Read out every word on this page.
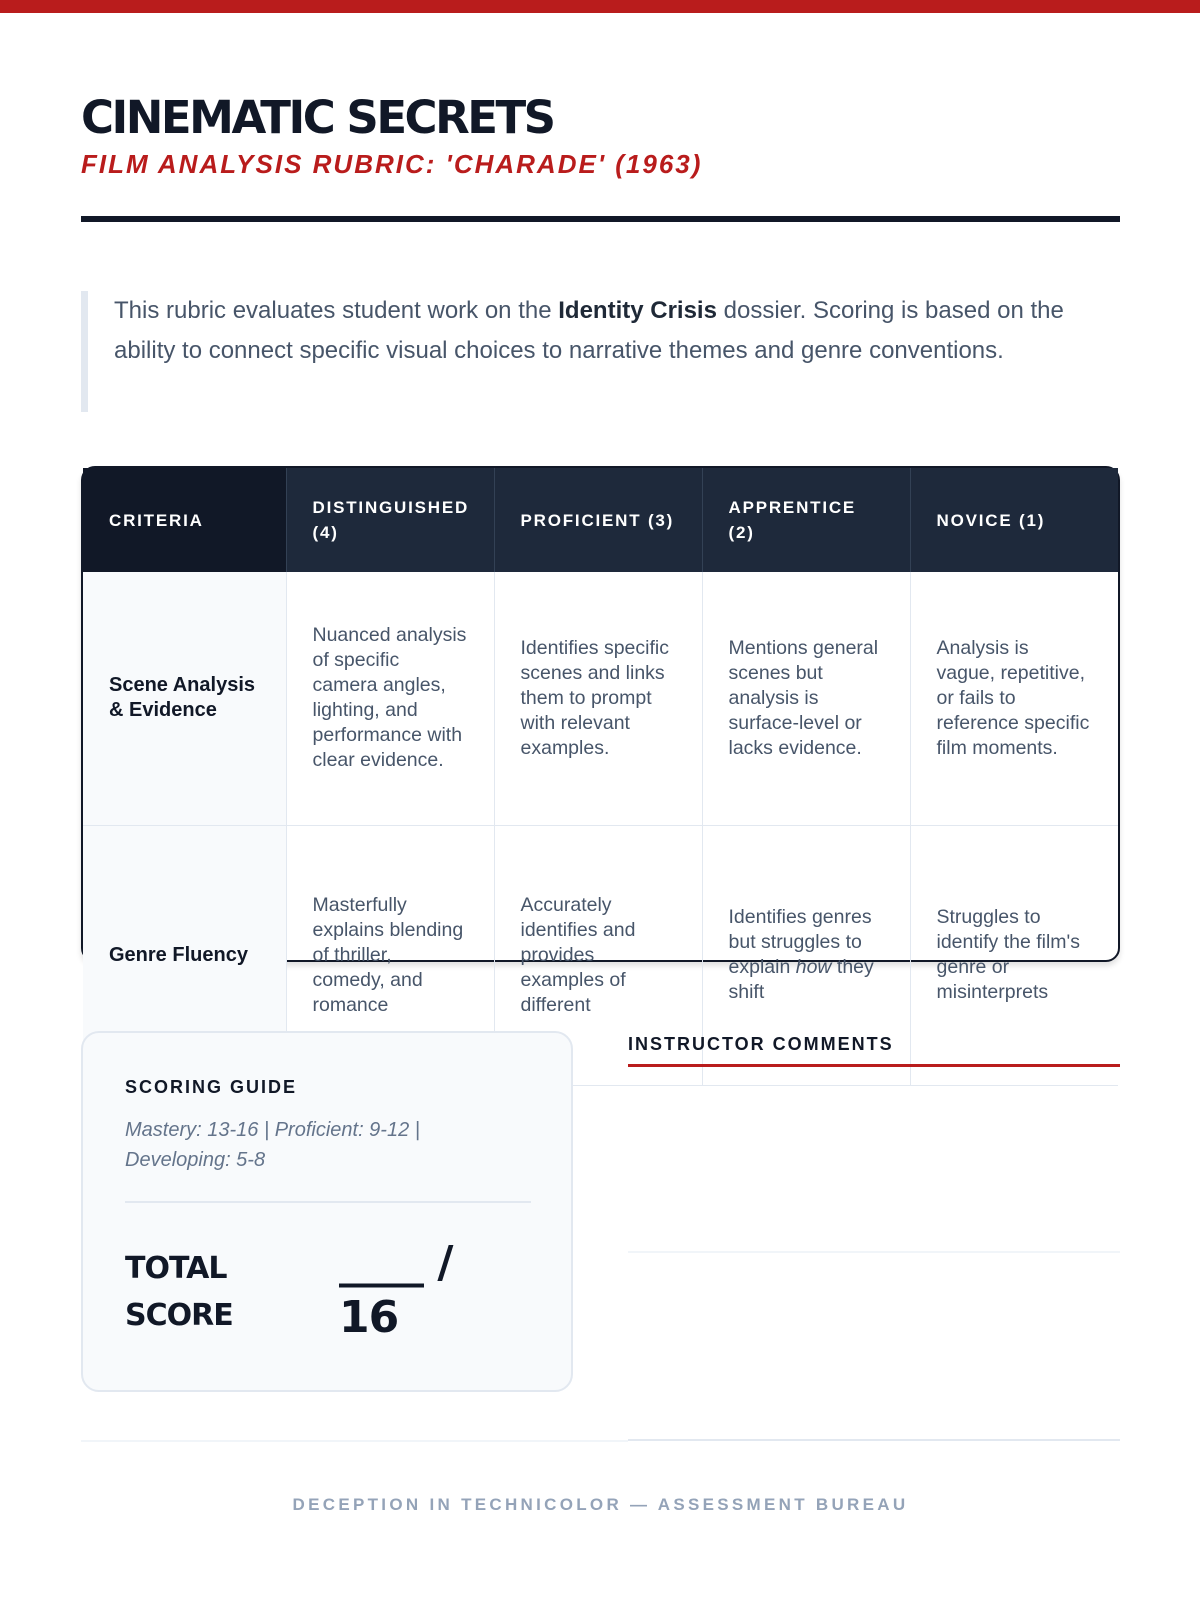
CINEMATIC SECRETS
FILM ANALYSIS RUBRIC: 'CHARADE' (1963)
This rubric evaluates student work on the Identity Crisis dossier. Scoring is based on the ability to connect specific visual choices to narrative themes and genre conventions.
CRITERIA	DISTINGUISHED (4)	PROFICIENT (3)	APPRENTICE (2)	NOVICE (1)
Scene Analysis & Evidence	Nuanced analysis of specific camera angles, lighting, and performance with clear evidence.	Identifies specific scenes and links them to prompt with relevant examples.	Mentions general scenes but analysis is surface-level or lacks evidence.	Analysis is vague, repetitive, or fails to reference specific film moments.
Genre Fluency	Masterfully explains blending of thriller, comedy, and romance	Accurately identifies and provides examples of different	Identifies genres but struggles to explain how they shift	Struggles to identify the film's genre or misinterprets
SCORING GUIDE
Mastery: 13-16 | Proficient: 9-12 | Developing: 5-8
TOTAL SCORE
____ / 16
INSTRUCTOR COMMENTS
DECEPTION IN TECHNICOLOR — ASSESSMENT BUREAU
